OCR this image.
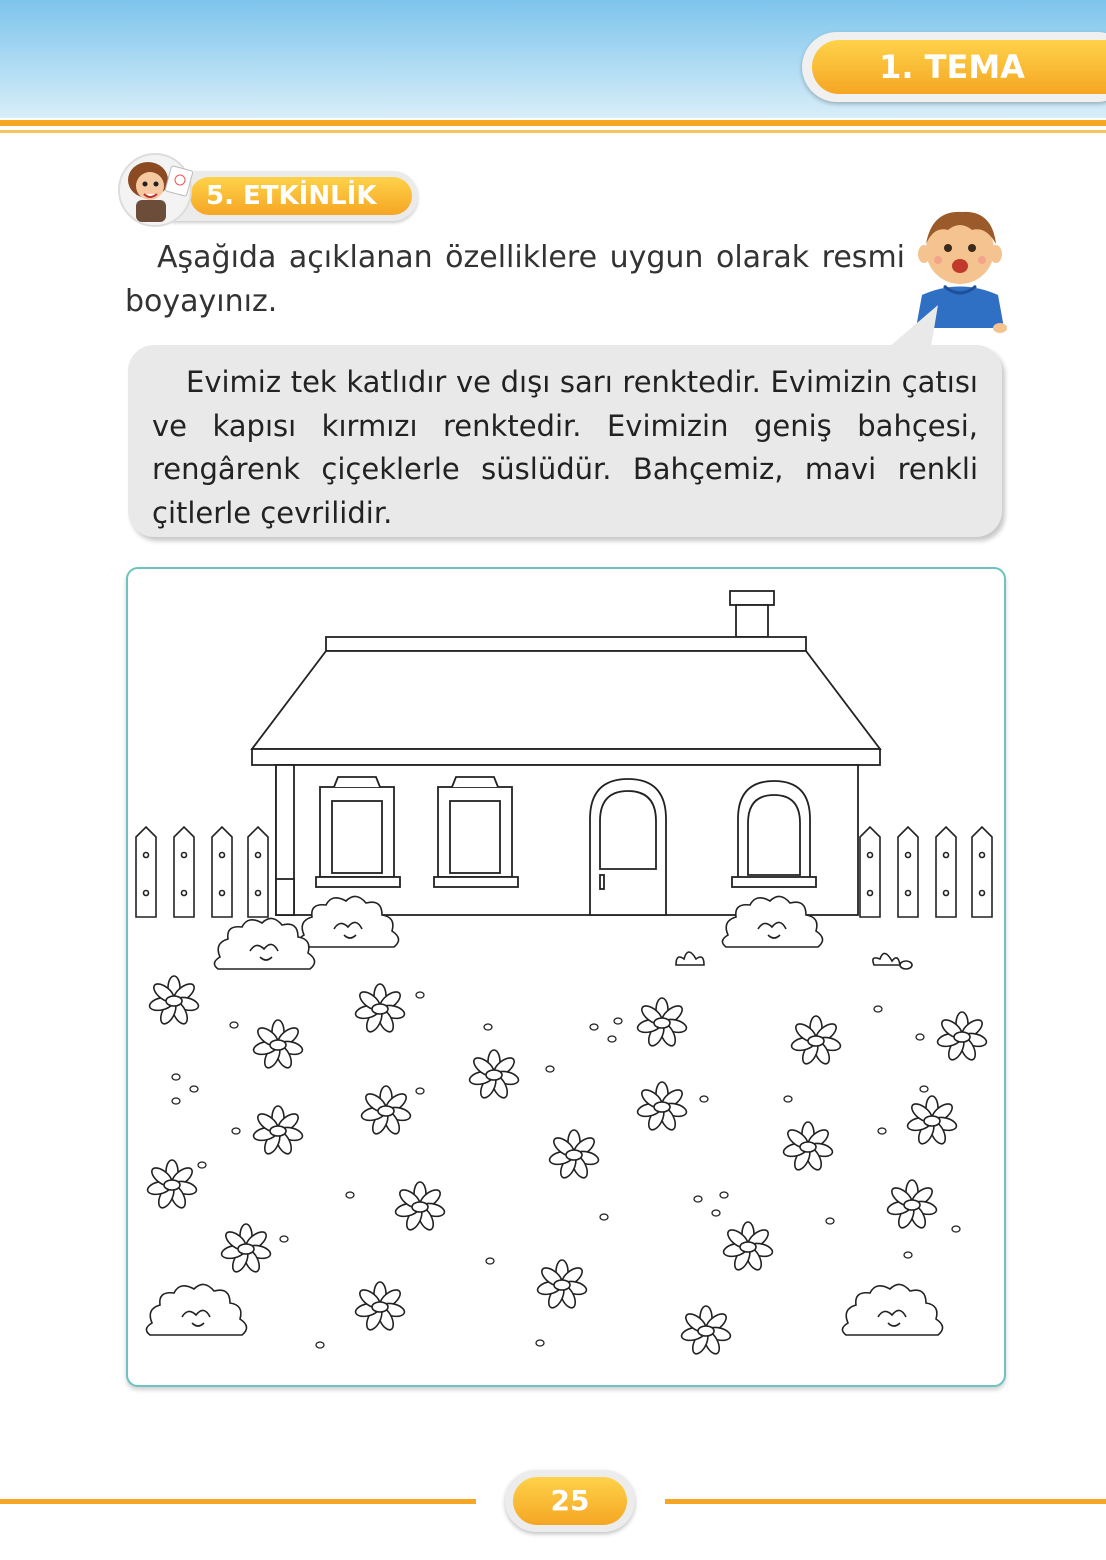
1. TEMA
5. ETKİNLİK
Aşağıda açıklanan özelliklere uygun olarak resmi boyayınız.
Evimiz tek katlıdır ve dışı sarı renktedir. Evimizin çatısı ve kapısı kırmızı renktedir. Evimizin geniş bahçesi, rengârenk çiçeklerle süslüdür. Bahçemiz, mavi renkli çitlerle çevrilidir.
25
